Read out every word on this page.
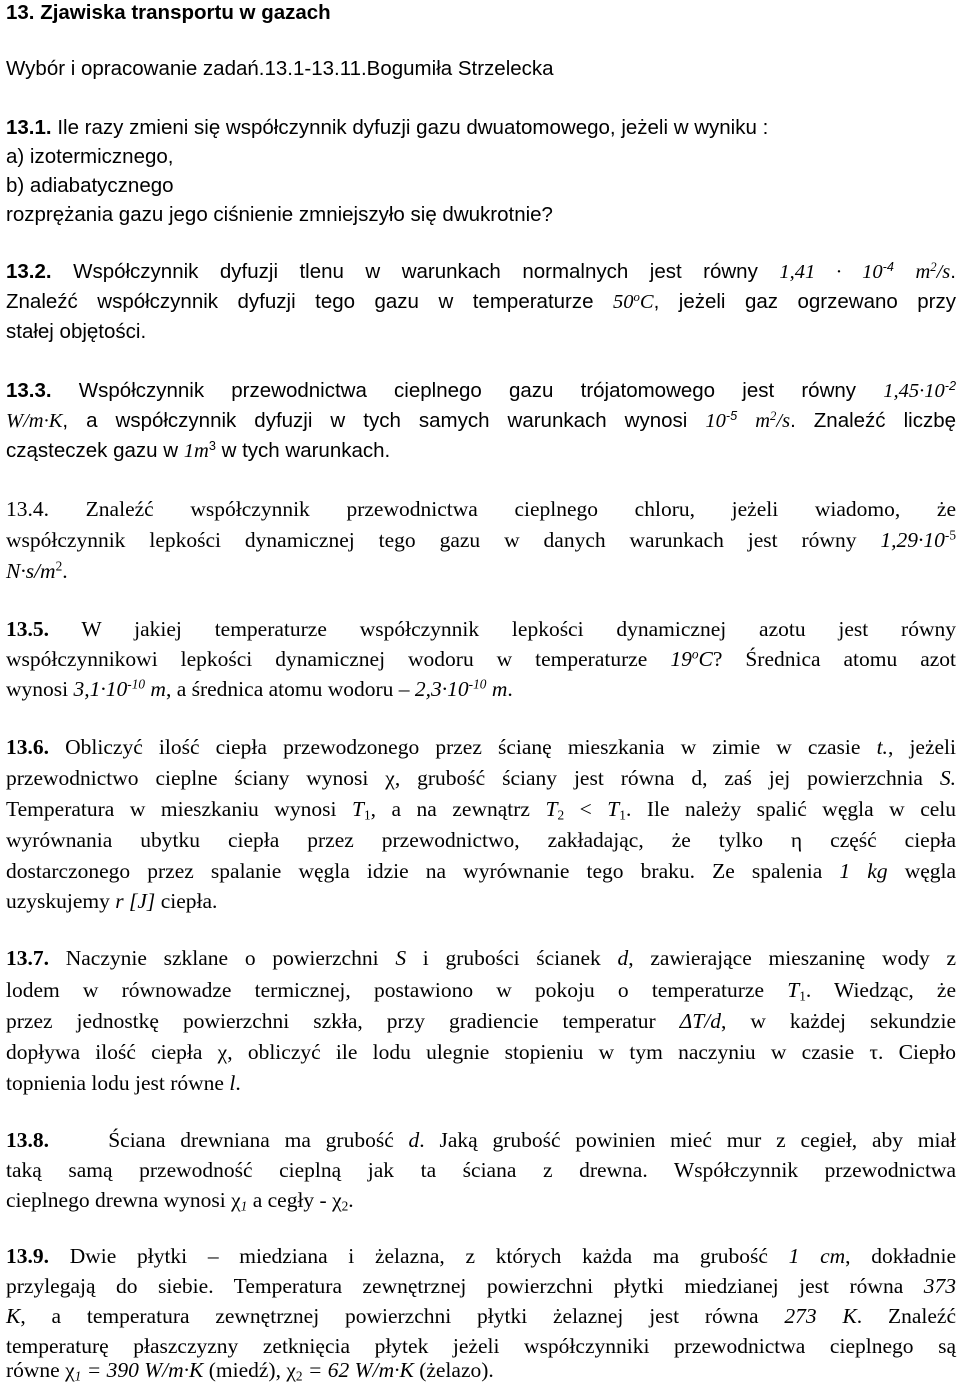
13. Zjawiska transportu w gazach
Wybór i opracowanie zadań.13.1-13.11.Bogumiła Strzelecka
13.1. Ile razy zmieni się współczynnik dyfuzji gazu dwuatomowego, jeżeli w wyniku :
a) izotermicznego,
b) adiabatycznego
rozprężania gazu jego ciśnienie zmniejszyło się dwukrotnie?
13.2. Współczynnik dyfuzji tlenu w warunkach normalnych jest równy $1,41 \cdot 10^{-4}$ $m^2/s$.
Znaleźć współczynnik dyfuzji tego gazu w temperaturze 50$^o$C, jeżeli gaz ogrzewano przy
stałej objętości.
13.3. Współczynnik przewodnictwa cieplnego gazu trójatomowego jest równy $1,45\cdot 10^{-2}$
W/m·K, a współczynnik dyfuzji w tych samych warunkach wynosi $10^{-5}$ $m^2/s$. Znaleźć liczbę
cząsteczek gazu w $1m^3$ w tych warunkach.
13.4. Znaleźć współczynnik przewodnictwa cieplnego chloru, jeżeli wiadomo, że
współczynnik lepkości dynamicznej tego gazu w danych warunkach jest równy $1,29\cdot 10^{-5}$
$N\cdot s/m^2$.
13.5. W jakiej temperaturze współczynnik lepkości dynamicznej azotu jest równy
współczynnikowi lepkości dynamicznej wodoru w temperaturze 19$^o$C? Średnica atomu azot
wynosi $3,1\cdot 10^{-10}$ m, a średnica atomu wodoru – $2,3\cdot 10^{-10}$ m.
13.6. Obliczyć ilość ciepła przewodzonego przez ścianę mieszkania w zimie w czasie t., jeżeli
przewodnictwo cieplne ściany wynosi χ, grubość ściany jest równa d, zaś jej powierzchnia S.
Temperatura w mieszkaniu wynosi $T_1$, a na zewnątrz $T_2 < T_1$. Ile należy spalić węgla w celu
wyrównania ubytku ciepła przez przewodnictwo, zakładając, że tylko η część ciepła
dostarczonego przez spalanie węgla idzie na wyrównanie tego braku. Ze spalenia 1 kg węgla
uzyskujemy r [J] ciepła.
13.7. Naczynie szklane o powierzchni S i grubości ścianek d, zawierające mieszaninę wody z
lodem w równowadze termicznej, postawiono w pokoju o temperaturze $T_1$. Wiedząc, że
przez jednostkę powierzchni szkła, przy gradiencie temperatur ΔT/d, w każdej sekundzie
dopływa ilość ciepła χ, obliczyć ile lodu ulegnie stopieniu w tym naczyniu w czasie τ. Ciepło
topnienia lodu jest równe l.
13.8.	Ściana drewniana ma grubość d. Jaką grubość powinien mieć mur z cegieł, aby miał
taką samą przewodność cieplną jak ta ściana z drewna. Współczynnik przewodnictwa
cieplnego drewna wynosi $\chi_1$ a cegły - $\chi_2$.
13.9. Dwie płytki – miedziana i żelazna, z których każda ma grubość 1 cm, dokładnie
przylegają do siebie. Temperatura zewnętrznej powierzchni płytki miedzianej jest równa 373
K, a temperatura zewnętrznej powierzchni płytki żelaznej jest równa 273 K. Znaleźć
temperaturę płaszczyzny zetknięcia płytek jeżeli współczynniki przewodnictwa cieplnego są
równe $\chi_1 = 390$ W/m·K (miedź), $\chi_2 = 62$ W/m·K (żelazo).
